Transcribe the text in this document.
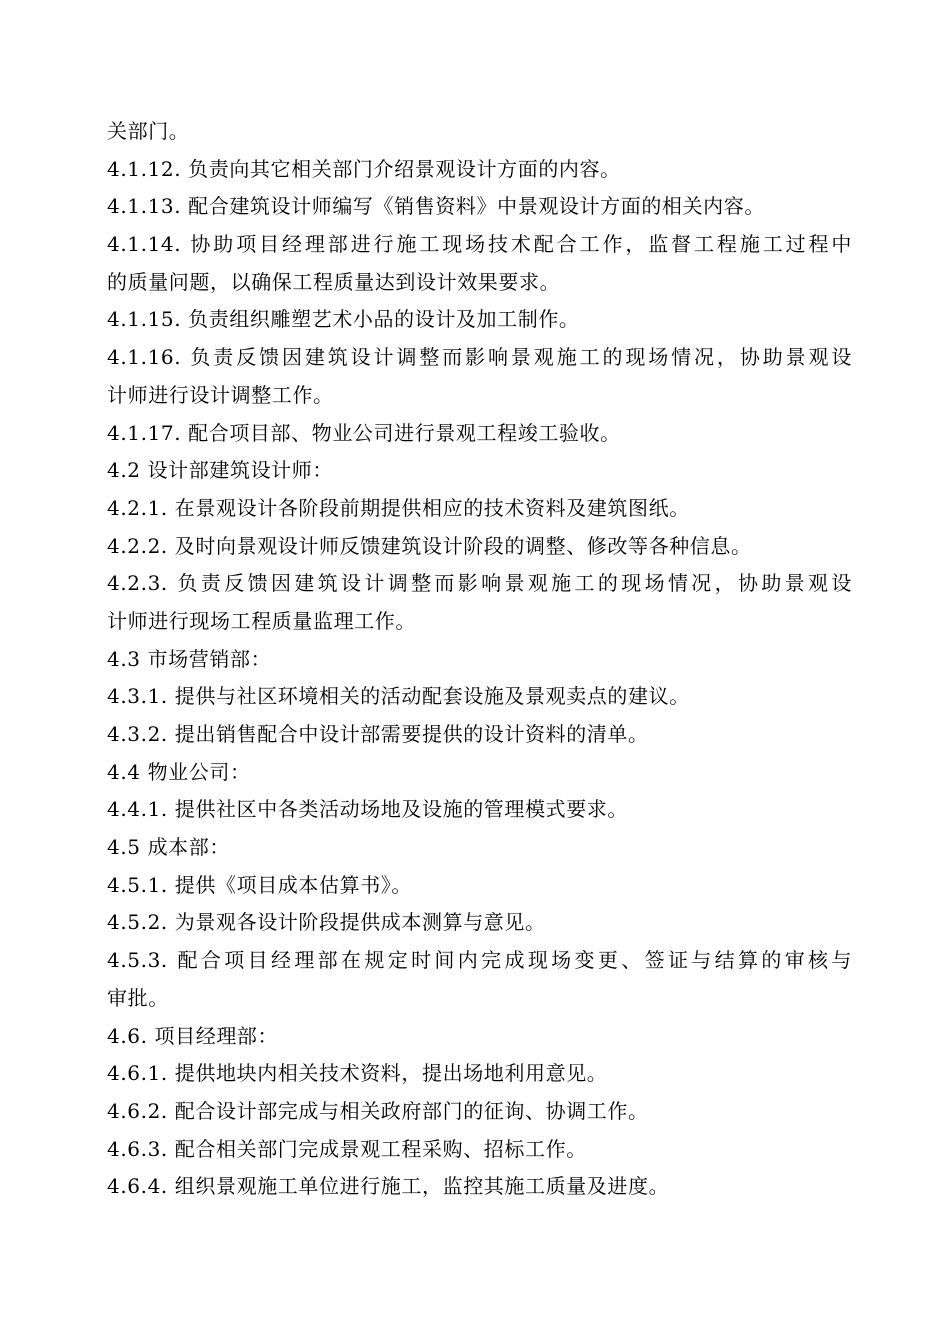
关部门。
4.1.12. 负责向其它相关部门介绍景观设计方面的内容。
4.1.13. 配合建筑设计师编写《销售资料》中景观设计方面的相关内容。
4.1.14. 协助项目经理部进行施工现场技术配合工作，监督工程施工过程中
的质量问题，以确保工程质量达到设计效果要求。
4.1.15. 负责组织雕塑艺术小品的设计及加工制作。
4.1.16. 负责反馈因建筑设计调整而影响景观施工的现场情况，协助景观设
计师进行设计调整工作。
4.1.17. 配合项目部、物业公司进行景观工程竣工验收。
4.2 设计部建筑设计师：
4.2.1. 在景观设计各阶段前期提供相应的技术资料及建筑图纸。
4.2.2. 及时向景观设计师反馈建筑设计阶段的调整、修改等各种信息。
4.2.3. 负责反馈因建筑设计调整而影响景观施工的现场情况，协助景观设
计师进行现场工程质量监理工作。
4.3 市场营销部：
4.3.1. 提供与社区环境相关的活动配套设施及景观卖点的建议。
4.3.2. 提出销售配合中设计部需要提供的设计资料的清单。
4.4 物业公司：
4.4.1. 提供社区中各类活动场地及设施的管理模式要求。
4.5 成本部：
4.5.1. 提供《项目成本估算书》。
4.5.2. 为景观各设计阶段提供成本测算与意见。
4.5.3. 配合项目经理部在规定时间内完成现场变更、签证与结算的审核与
审批。
4.6. 项目经理部：
4.6.1. 提供地块内相关技术资料，提出场地利用意见。
4.6.2. 配合设计部完成与相关政府部门的征询、协调工作。
4.6.3. 配合相关部门完成景观工程采购、招标工作。
4.6.4. 组织景观施工单位进行施工，监控其施工质量及进度。
